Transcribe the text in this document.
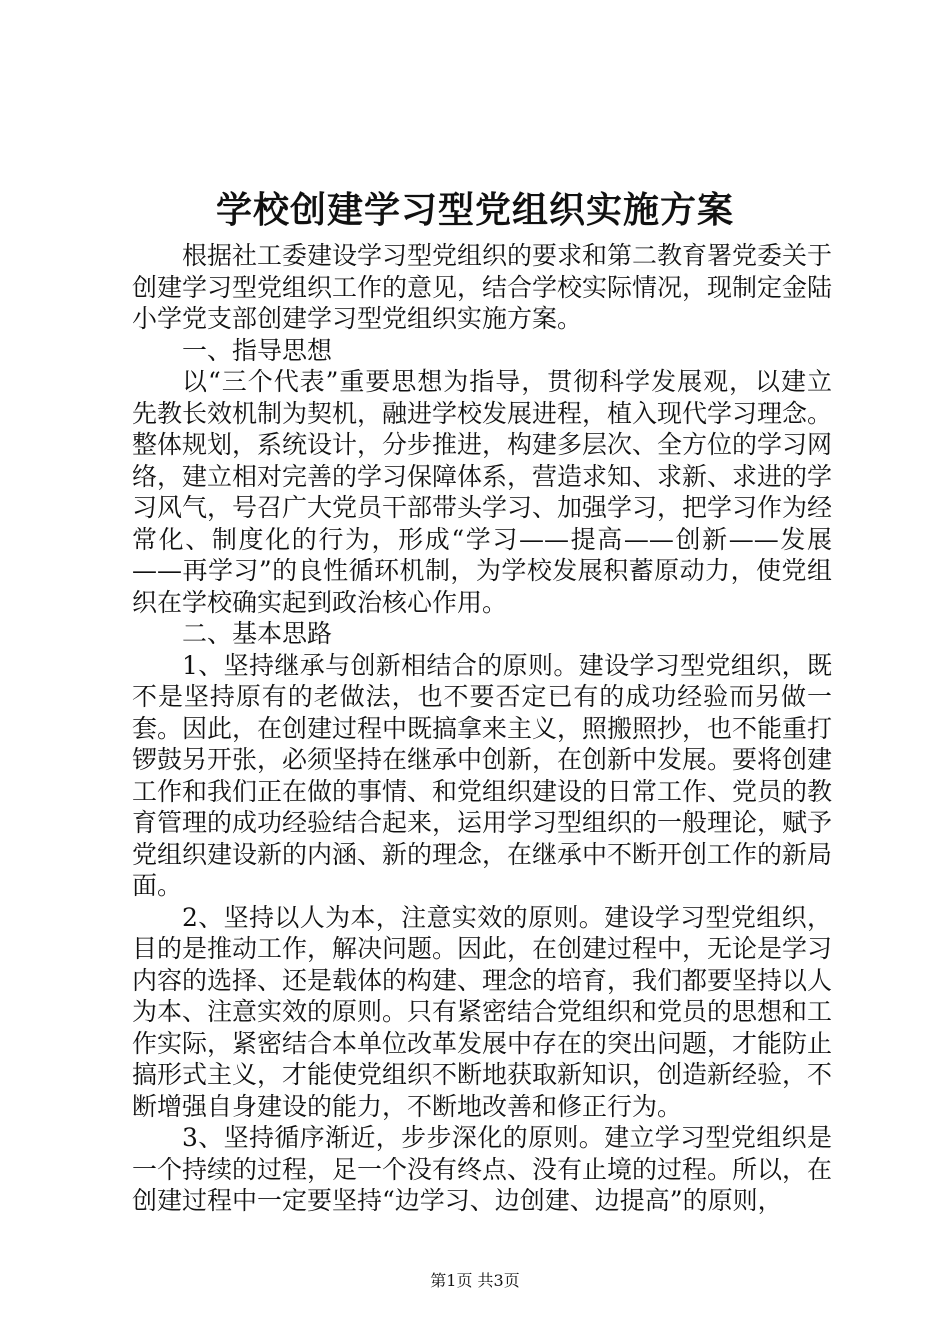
学校创建学习型党组织实施方案

根据社工委建设学习型党组织的要求和第二教育署党委关于创建学习型党组织工作的意见，结合学校实际情况，现制定金陆小学党支部创建学习型党组织实施方案。

一、指导思想

以“三个代表”重要思想为指导，贯彻科学发展观，以建立先教长效机制为契机，融进学校发展进程，植入现代学习理念。整体规划，系统设计，分步推进，构建多层次、全方位的学习网络，建立相对完善的学习保障体系，营造求知、求新、求进的学习风气，号召广大党员干部带头学习、加强学习，把学习作为经常化、制度化的行为，形成“学习——提高——创新——发展——再学习”的良性循环机制，为学校发展积蓄原动力，使党组织在学校确实起到政治核心作用。

二、基本思路

1、坚持继承与创新相结合的原则。建设学习型党组织，既不是坚持原有的老做法，也不要否定已有的成功经验而另做一套。因此，在创建过程中既搞拿来主义，照搬照抄，也不能重打锣鼓另开张，必须坚持在继承中创新，在创新中发展。要将创建工作和我们正在做的事情、和党组织建设的日常工作、党员的教育管理的成功经验结合起来，运用学习型组织的一般理论，赋予党组织建设新的内涵、新的理念，在继承中不断开创工作的新局面。

2、坚持以人为本，注意实效的原则。建设学习型党组织，目的是推动工作，解决问题。因此，在创建过程中，无论是学习内容的选择、还是载体的构建、理念的培育，我们都要坚持以人为本、注意实效的原则。只有紧密结合党组织和党员的思想和工作实际，紧密结合本单位改革发展中存在的突出问题，才能防止搞形式主义，才能使党组织不断地获取新知识，创造新经验，不断增强自身建设的能力，不断地改善和修正行为。

3、坚持循序渐近，步步深化的原则。建立学习型党组织是一个持续的过程，足一个没有终点、没有止境的过程。所以，在创建过程中一定要坚持“边学习、边创建、边提高”的原则，

第1页 共3页
